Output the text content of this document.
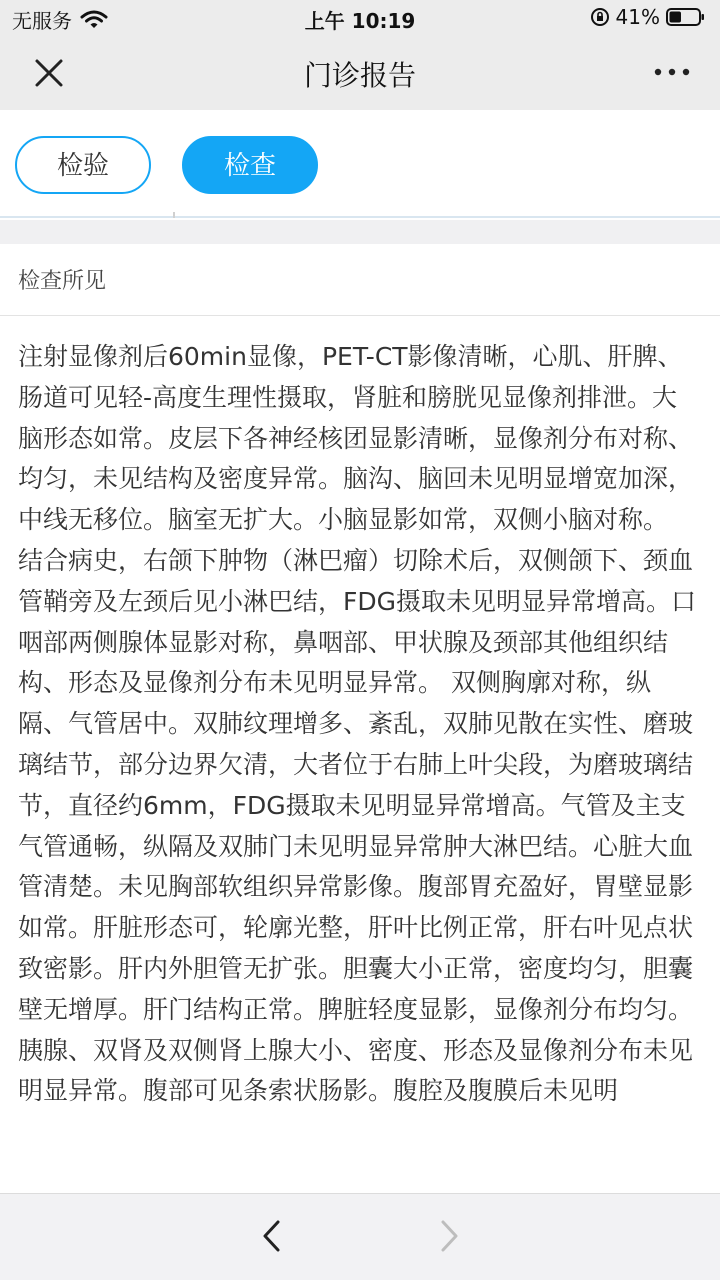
无服务	上午 10:19	41%
门诊报告
检验	检查
检查所见

注射显像剂后60min显像，PET-CT影像清晰，心肌、肝脾、肠道可见轻-高度生理性摄取，肾脏和膀胱见显像剂排泄。大脑形态如常。皮层下各神经核团显影清晰，显像剂分布对称、均匀，未见结构及密度异常。脑沟、脑回未见明显增宽加深，中线无移位。脑室无扩大。小脑显影如常，双侧小脑对称。 结合病史，右颌下肿物（淋巴瘤）切除术后，双侧颌下、颈血管鞘旁及左颈后见小淋巴结，FDG摄取未见明显异常增高。口咽部两侧腺体显影对称，鼻咽部、甲状腺及颈部其他组织结构、形态及显像剂分布未见明显异常。 双侧胸廓对称，纵隔、气管居中。双肺纹理增多、紊乱，双肺见散在实性、磨玻璃结节，部分边界欠清，大者位于右肺上叶尖段，为磨玻璃结节，直径约6mm，FDG摄取未见明显异常增高。气管及主支气管通畅，纵隔及双肺门未见明显异常肿大淋巴结。心脏大血管清楚。未见胸部软组织异常影像。腹部胃充盈好，胃壁显影如常。肝脏形态可，轮廓光整，肝叶比例正常，肝右叶见点状致密影。肝内外胆管无扩张。胆囊大小正常，密度均匀，胆囊壁无增厚。肝门结构正常。脾脏轻度显影，显像剂分布均匀。胰腺、双肾及双侧肾上腺大小、密度、形态及显像剂分布未见明显异常。腹部可见条索状肠影。腹腔及腹膜后未见明
